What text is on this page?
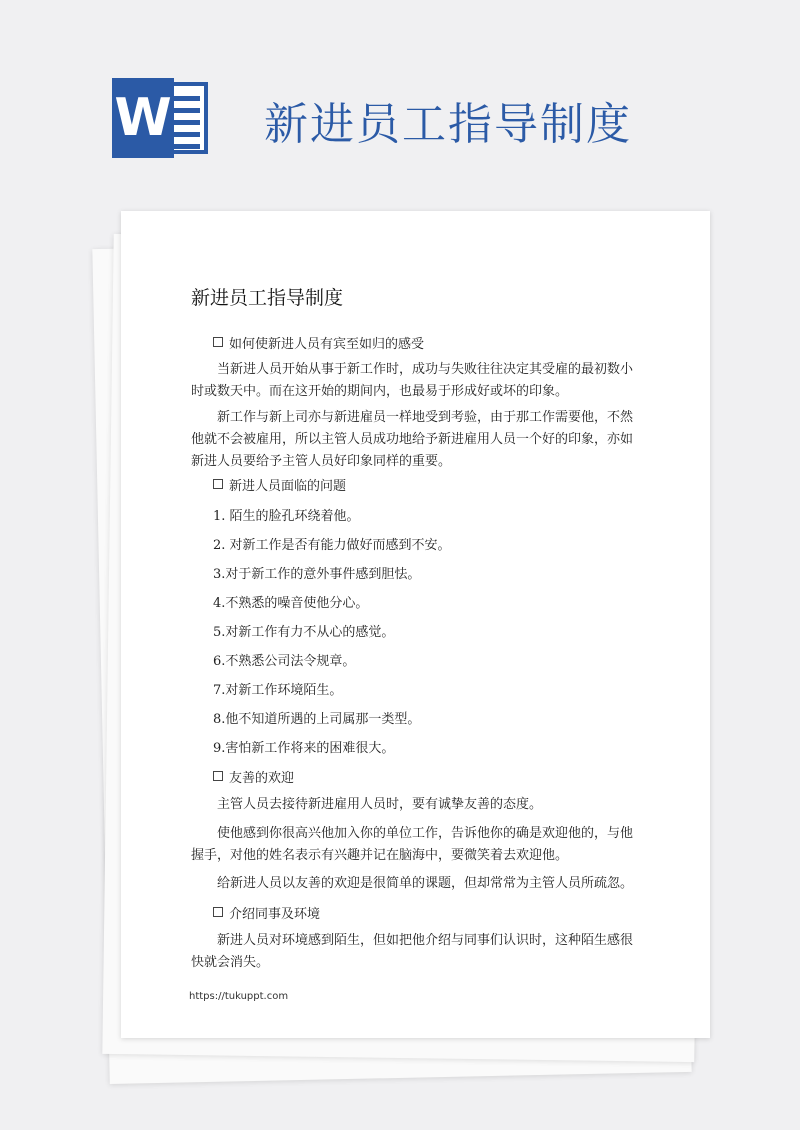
W 新进员工指导制度
新进员工指导制度
如何使新进人员有宾至如归的感受
当新进人员开始从事于新工作时，成功与失败往往决定其受雇的最初数小时或数天中。而在这开始的期间内，也最易于形成好或坏的印象。
新工作与新上司亦与新进雇员一样地受到考验，由于那工作需要他，不然他就不会被雇用，所以主管人员成功地给予新进雇用人员一个好的印象，亦如新进人员要给予主管人员好印象同样的重要。
新进人员面临的问题
1. 陌生的脸孔环绕着他。
2. 对新工作是否有能力做好而感到不安。
3.对于新工作的意外事件感到胆怯。
4.不熟悉的噪音使他分心。
5.对新工作有力不从心的感觉。
6.不熟悉公司法令规章。
7.对新工作环境陌生。
8.他不知道所遇的上司属那一类型。
9.害怕新工作将来的困难很大。
友善的欢迎
主管人员去接待新进雇用人员时，要有诚挚友善的态度。
使他感到你很高兴他加入你的单位工作，告诉他你的确是欢迎他的，与他握手，对他的姓名表示有兴趣并记在脑海中，要微笑着去欢迎他。
给新进人员以友善的欢迎是很简单的课题，但却常常为主管人员所疏忽。
介绍同事及环境
新进人员对环境感到陌生，但如把他介绍与同事们认识时，这种陌生感很快就会消失。
https://tukuppt.com
